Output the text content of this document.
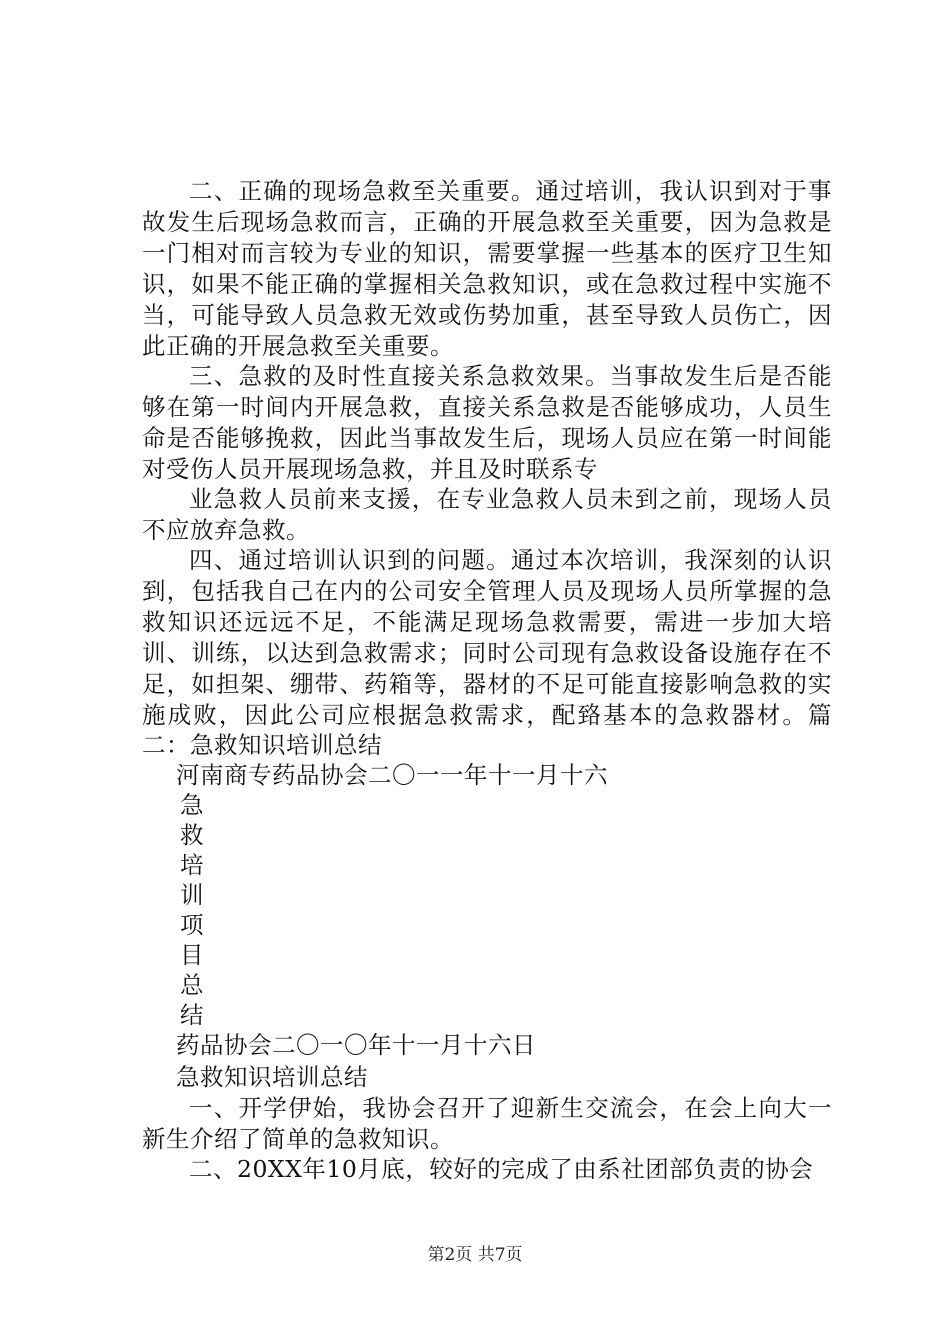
二、正确的现场急救至关重要。通过培训，我认识到对于事故发生后现场急救而言，正确的开展急救至关重要，因为急救是一门相对而言较为专业的知识，需要掌握一些基本的医疗卫生知识，如果不能正确的掌握相关急救知识，或在急救过程中实施不当，可能导致人员急救无效或伤势加重，甚至导致人员伤亡，因此正确的开展急救至关重要。

三、急救的及时性直接关系急救效果。当事故发生后是否能够在第一时间内开展急救，直接关系急救是否能够成功，人员生命是否能够挽救，因此当事故发生后，现场人员应在第一时间能对受伤人员开展现场急救，并且及时联系专

业急救人员前来支援，在专业急救人员未到之前，现场人员不应放弃急救。

四、通过培训认识到的问题。通过本次培训，我深刻的认识到，包括我自己在内的公司安全管理人员及现场人员所掌握的急救知识还远远不足，不能满足现场急救需要，需进一步加大培训、训练，以达到急救需求；同时公司现有急救设备设施存在不足，如担架、绷带、药箱等，器材的不足可能直接影响急救的实施成败，因此公司应根据急救需求，配臵基本的急救器材。篇二：急救知识培训总结

河南商专药品协会二〇一一年十一月十六

急

救

培

训

项

目

总

结

药品协会二〇一〇年十一月十六日

急救知识培训总结

一、开学伊始，我协会召开了迎新生交流会，在会上向大一新生介绍了简单的急救知识。

二、20XX年10月底，较好的完成了由系社团部负责的协会

第2页 共7页
